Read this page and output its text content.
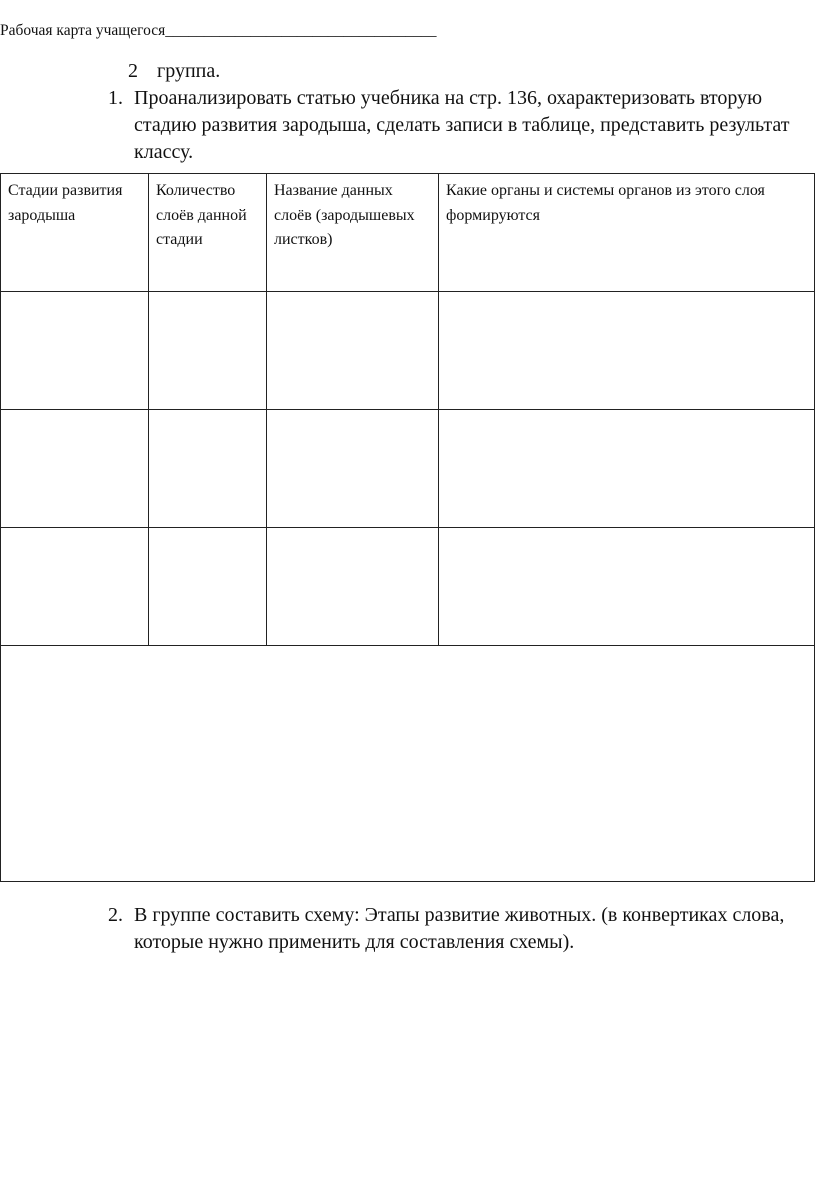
Рабочая карта учащегося___________________________________
2 группа.
1. Проанализировать статью учебника на стр. 136, охарактеризовать вторую стадию развития зародыша, сделать записи в таблице, представить результат классу.
Стадии развития зародыша	Количество слоёв данной стадии	Название данных слоёв (зародышевых листков)	Какие органы и системы органов из этого слоя формируются

2. В группе составить схему: Этапы развитие животных. (в конвертиках слова, которые нужно применить для составления схемы).
